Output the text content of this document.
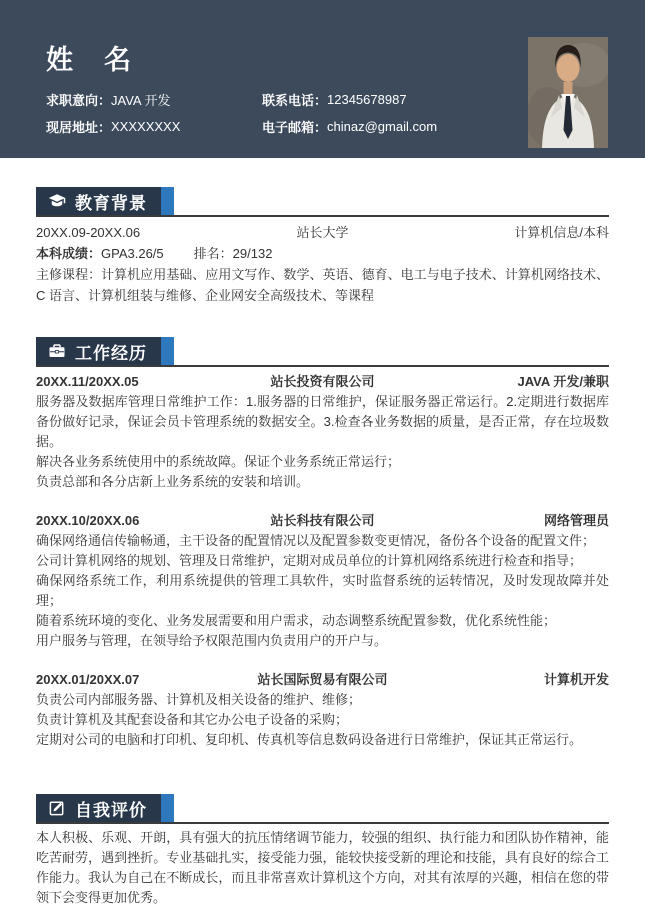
姓　名
求职意向： JAVA 开发	联系电话： 12345678987
现居地址： XXXXXXXX	电子邮箱： chinaz@gmail.com
教育背景
20XX.09-20XX.06	站长大学	计算机信息/本科
本科成绩： GPA3.26/5 排名： 29/132

主修课程：计算机应用基础、应用文写作、数学、英语、德育、电工与电子技术、计算机网络技术、C 语言、计算机组装与维修、企业网安全高级技术、等课程

工作经历
20XX.11/20XX.05	站长投资有限公司	JAVA 开发/兼职

服务器及数据库管理日常维护工作：1.服务器的日常维护，保证服务器正常运行。2.定期进行数据库备份做好记录，保证会员卡管理系统的数据安全。3.检查各业务数据的质量，是否正常，存在垃圾数据。

解决各业务系统使用中的系统故障。保证个业务系统正常运行；

负责总部和各分店新上业务系统的安装和培训。

20XX.10/20XX.06	站长科技有限公司	网络管理员

确保网络通信传输畅通，主干设备的配置情况以及配置参数变更情况，备份各个设备的配置文件；

公司计算机网络的规划、管理及日常维护，定期对成员单位的计算机网络系统进行检查和指导；

确保网络系统工作，利用系统提供的管理工具软件，实时监督系统的运转情况，及时发现故障并处理；

随着系统环境的变化、业务发展需要和用户需求，动态调整系统配置参数，优化系统性能；

用户服务与管理，在领导给予权限范围内负责用户的开户与。

20XX.01/20XX.07	站长国际贸易有限公司	计算机开发

负责公司内部服务器、计算机及相关设备的维护、维修；

负责计算机及其配套设备和其它办公电子设备的采购；

定期对公司的电脑和打印机、复印机、传真机等信息数码设备进行日常维护，保证其正常运行。

自我评价

本人积极、乐观、开朗，具有强大的抗压情绪调节能力，较强的组织、执行能力和团队协作精神，能吃苦耐劳，遇到挫折。专业基础扎实，接受能力强，能较快接受新的理论和技能，具有良好的综合工作能力。我认为自己在不断成长，而且非常喜欢计算机这个方向，对其有浓厚的兴趣，相信在您的带领下会变得更加优秀。
